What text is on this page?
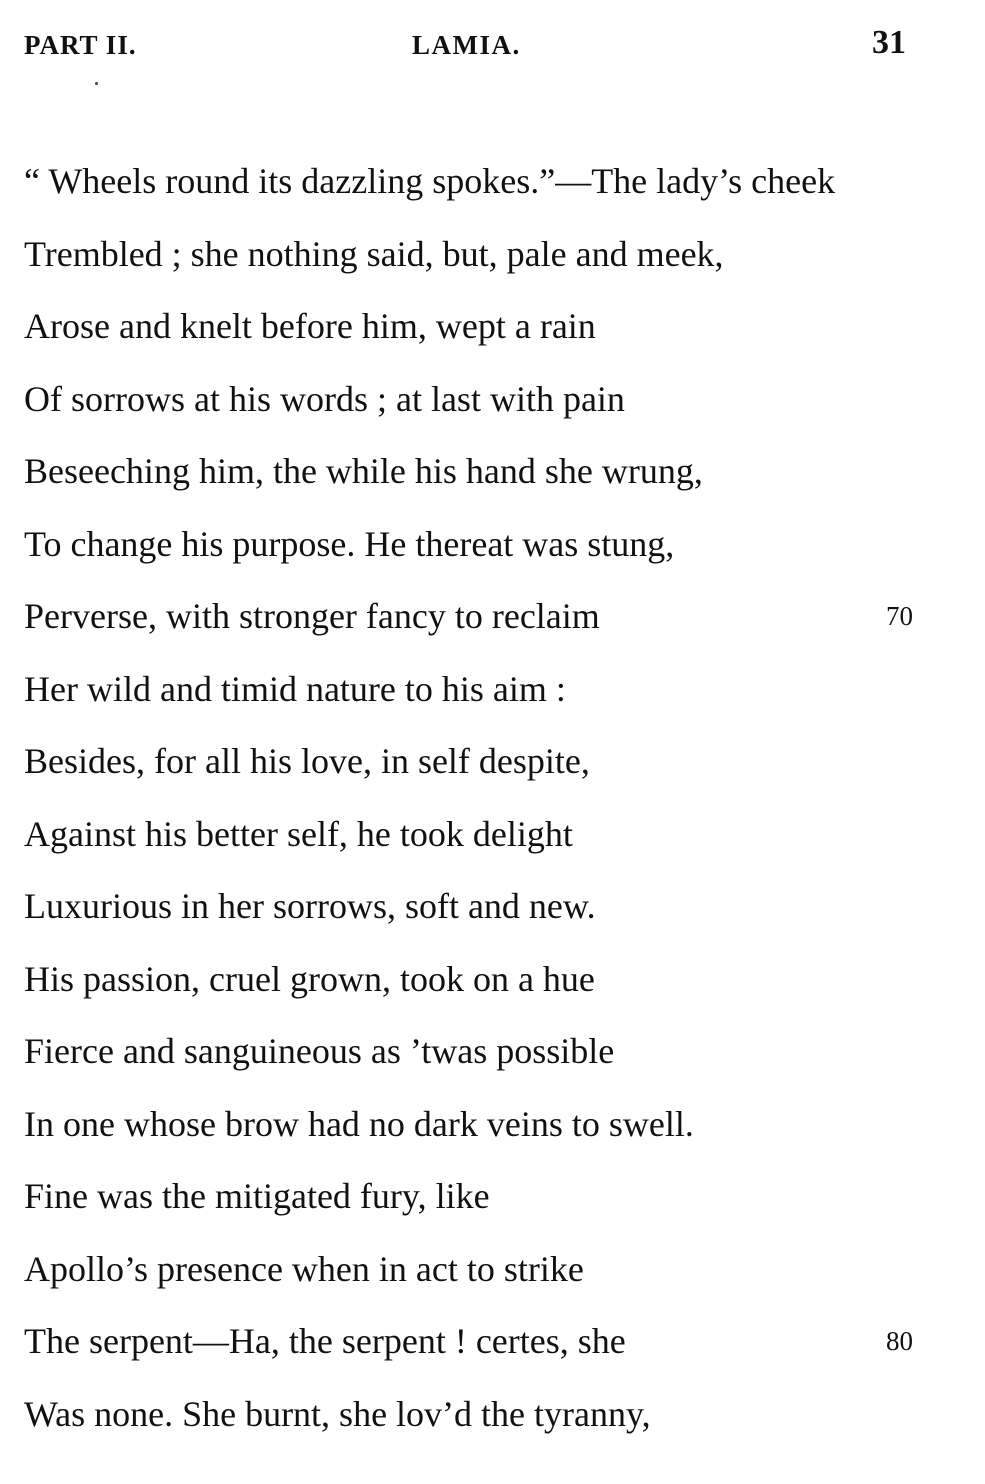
PART II.	LAMIA.	31
“ Wheels round its dazzling spokes.”—The lady’s cheek
Trembled ; she nothing said, but, pale and meek,
Arose and knelt before him, wept a rain
Of sorrows at his words ; at last with pain
Beseeching him, the while his hand she wrung,
To change his purpose. He thereat was stung,
Perverse, with stronger fancy to reclaim	70
Her wild and timid nature to his aim :
Besides, for all his love, in self despite,
Against his better self, he took delight
Luxurious in her sorrows, soft and new.
His passion, cruel grown, took on a hue
Fierce and sanguineous as ’twas possible
In one whose brow had no dark veins to swell.
Fine was the mitigated fury, like
Apollo’s presence when in act to strike
The serpent—Ha, the serpent ! certes, she	80
Was none. She burnt, she lov’d the tyranny,
